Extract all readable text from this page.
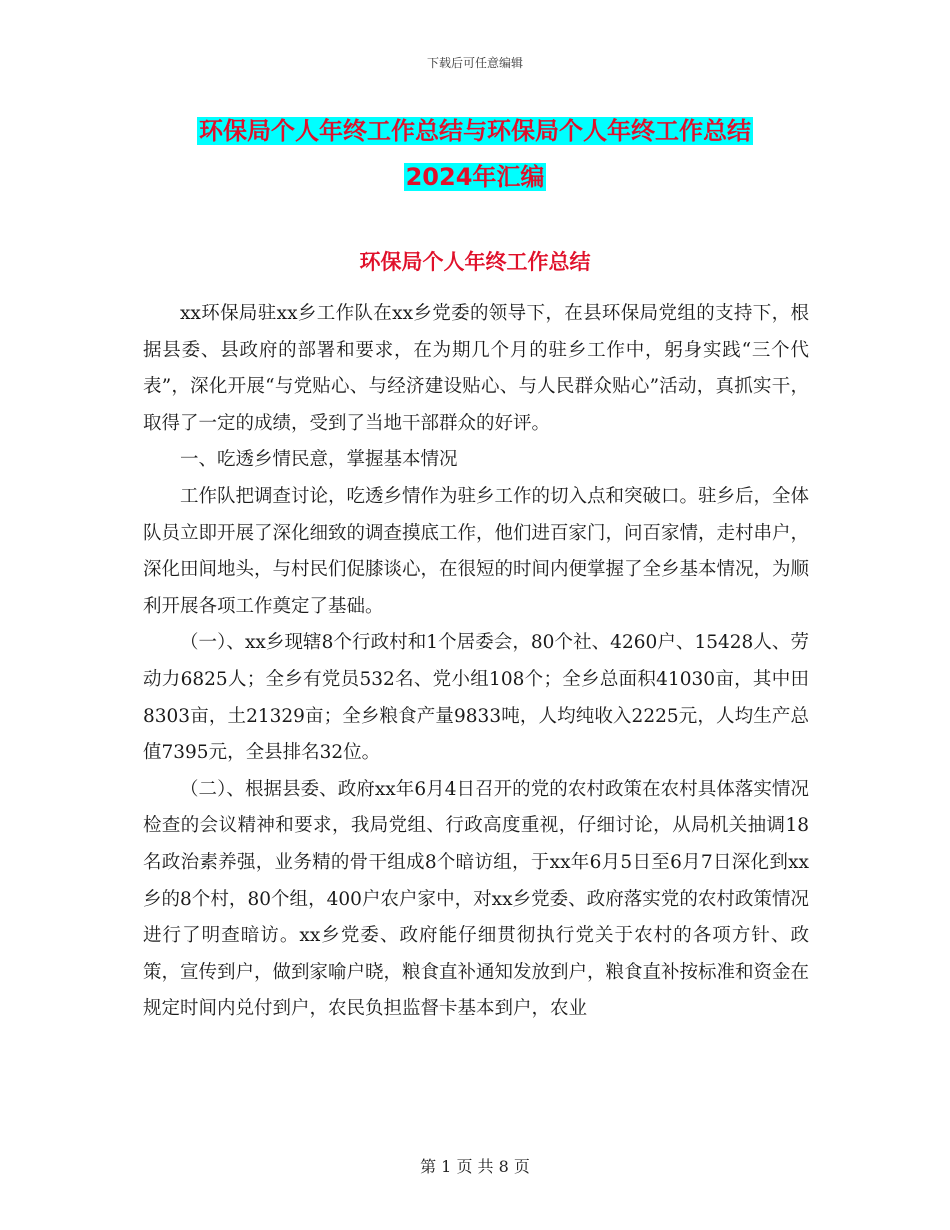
下载后可任意编辑
环保局个人年终工作总结与环保局个人年终工作总结
2024年汇编
环保局个人年终工作总结

xx环保局驻xx乡工作队在xx乡党委的领导下，在县环保局党组的支持下，根据县委、县政府的部署和要求，在为期几个月的驻乡工作中，躬身实践“三个代表”，深化开展“与党贴心、与经济建设贴心、与人民群众贴心”活动，真抓实干，取得了一定的成绩，受到了当地干部群众的好评。

一、吃透乡情民意，掌握基本情况

工作队把调查讨论，吃透乡情作为驻乡工作的切入点和突破口。驻乡后，全体队员立即开展了深化细致的调查摸底工作，他们进百家门，问百家情，走村串户，深化田间地头，与村民们促膝谈心，在很短的时间内便掌握了全乡基本情况，为顺利开展各项工作奠定了基础。

（一）、xx乡现辖8个行政村和1个居委会，80个社、4260户、15428人、劳动力6825人；全乡有党员532名、党小组108个；全乡总面积41030亩，其中田8303亩，土21329亩；全乡粮食产量9833吨，人均纯收入2225元，人均生产总值7395元，全县排名32位。

（二）、根据县委、政府xx年6月4日召开的党的农村政策在农村具体落实情况检查的会议精神和要求，我局党组、行政高度重视，仔细讨论，从局机关抽调18名政治素养强，业务精的骨干组成8个暗访组，于xx年6月5日至6月7日深化到xx乡的8个村，80个组，400户农户家中，对xx乡党委、政府落实党的农村政策情况进行了明查暗访。xx乡党委、政府能仔细贯彻执行党关于农村的各项方针、政策，宣传到户，做到家喻户晓，粮食直补通知发放到户，粮食直补按标准和资金在规定时间内兑付到户，农民负担监督卡基本到户，农业

第 1 页 共 8 页
